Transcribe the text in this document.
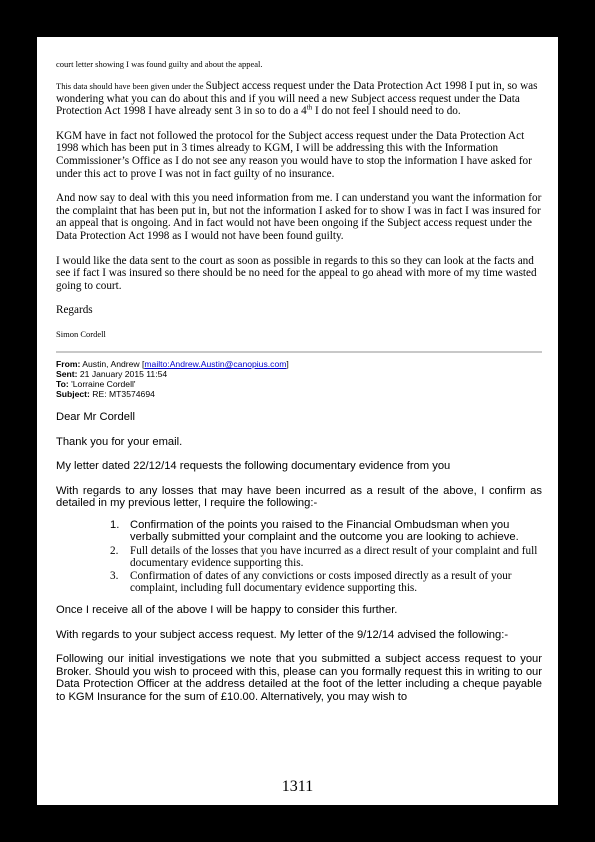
court letter showing I was found guilty and about the appeal.

This data should have been given under the Subject access request under the Data Protection Act 1998 I put in, so was wondering what you can do about this and if you will need a new Subject access request under the Data Protection Act 1998 I have already sent 3 in so to do a 4th I do not feel I should need to do.

KGM have in fact not followed the protocol for the Subject access request under the Data Protection Act 1998 which has been put in 3 times already to KGM, I will be addressing this with the Information Commissioner’s Office as I do not see any reason you would have to stop the information I have asked for under this act to prove I was not in fact guilty of no insurance.

And now say to deal with this you need information from me. I can understand you want the information for the complaint that has been put in, but not the information I asked for to show I was in fact I was insured for an appeal that is ongoing. And in fact would not have been ongoing if the Subject access request under the Data Protection Act 1998 as I would not have been found guilty.

I would like the data sent to the court as soon as possible in regards to this so they can look at the facts and see if fact I was insured so there should be no need for the appeal to go ahead with more of my time wasted going to court.

Regards

Simon Cordell

From: Austin, Andrew [mailto:Andrew.Austin@canopius.com]
Sent: 21 January 2015 11:54
To: 'Lorraine Cordell'
Subject: RE: MT3574694

Dear Mr Cordell

Thank you for your email.

My letter dated 22/12/14 requests the following documentary evidence from you

With regards to any losses that may have been incurred as a result of the above, I confirm as detailed in my previous letter, I require the following:-

1. Confirmation of the points you raised to the Financial Ombudsman when you verbally submitted your complaint and the outcome you are looking to achieve.
2. Full details of the losses that you have incurred as a direct result of your complaint and full documentary evidence supporting this.
3. Confirmation of dates of any convictions or costs imposed directly as a result of your complaint, including full documentary evidence supporting this.

Once I receive all of the above I will be happy to consider this further.

With regards to your subject access request. My letter of the 9/12/14 advised the following:-

Following our initial investigations we note that you submitted a subject access request to your Broker. Should you wish to proceed with this, please can you formally request this in writing to our Data Protection Officer at the address detailed at the foot of the letter including a cheque payable to KGM Insurance for the sum of £10.00. Alternatively, you may wish to

1311
